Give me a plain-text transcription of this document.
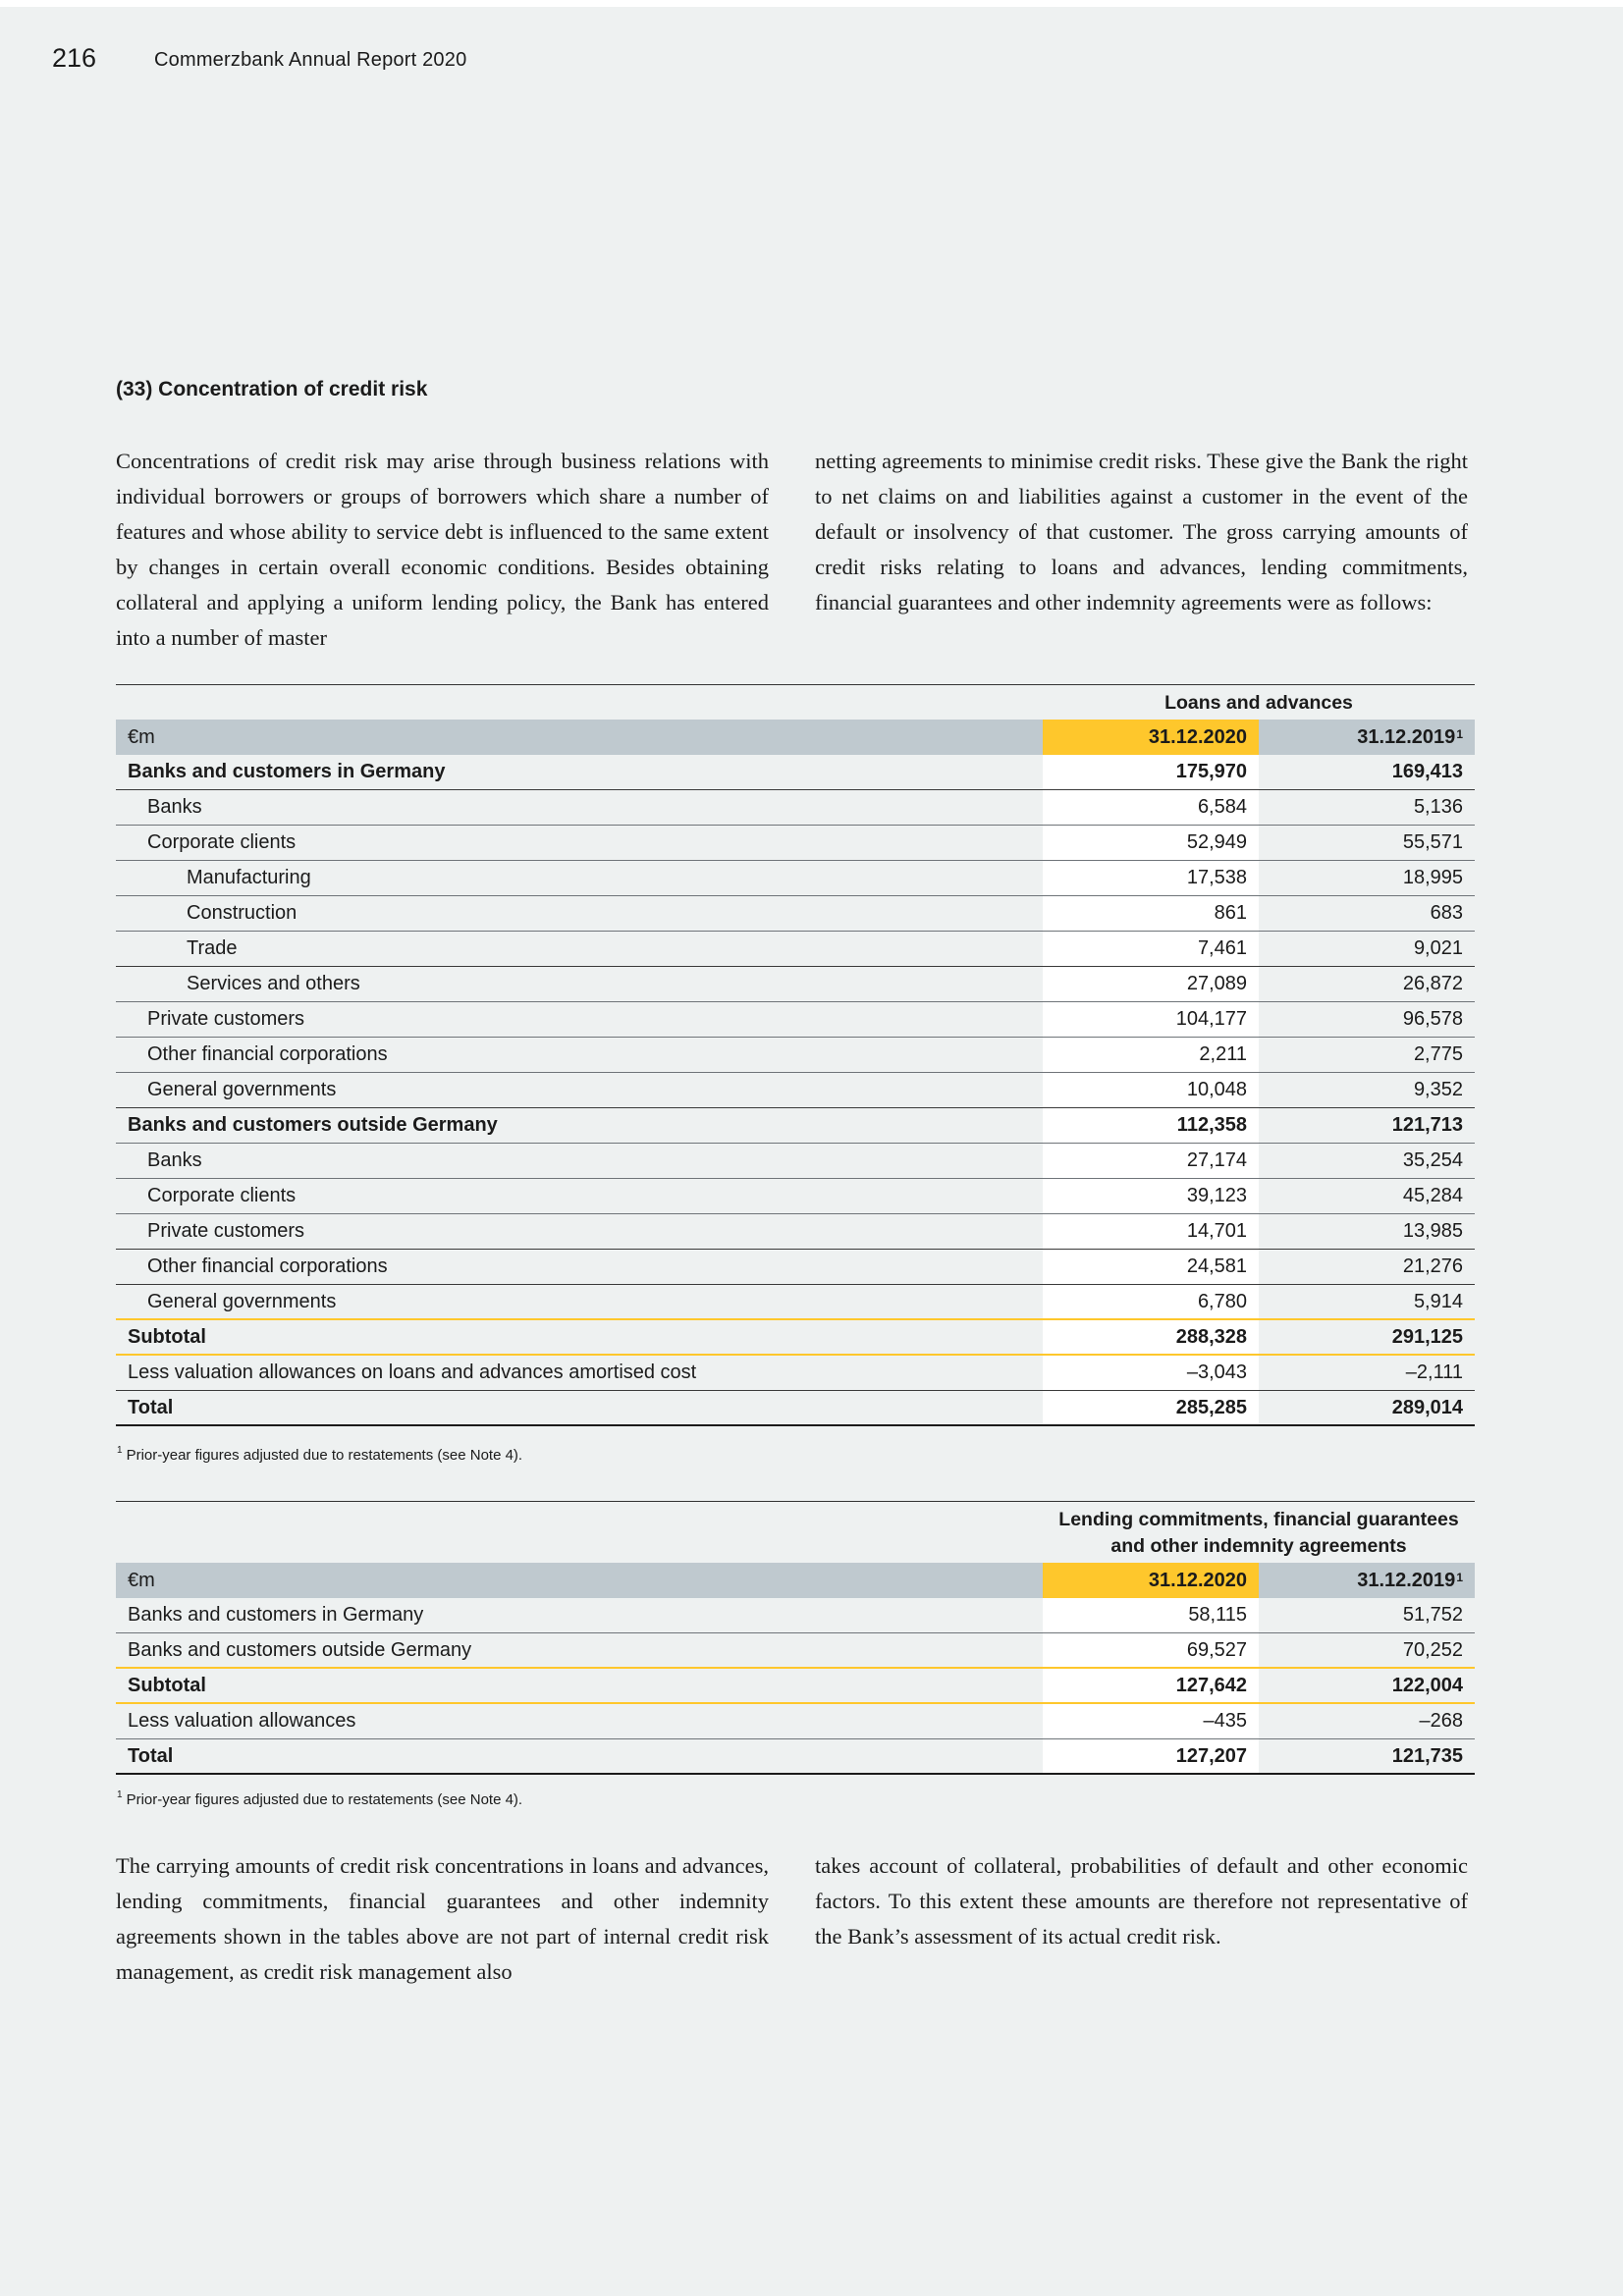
216	Commerzbank Annual Report 2020
(33) Concentration of credit risk
Concentrations of credit risk may arise through business relations with individual borrowers or groups of borrowers which share a number of features and whose ability to service debt is influenced to the same extent by changes in certain overall economic conditions. Besides obtaining collateral and applying a uniform lending policy, the Bank has entered into a number of master
netting agreements to minimise credit risks. These give the Bank the right to net claims on and liabilities against a customer in the event of the default or insolvency of that customer. The gross carrying amounts of credit risks relating to loans and advances, lending commitments, financial guarantees and other indemnity agreements were as follows:
Loans and advances
€m	31.12.2020	31.12.2019$^1$
Banks and customers in Germany	175,970	169,413
Banks	6,584	5,136
Corporate clients	52,949	55,571
Manufacturing	17,538	18,995
Construction	861	683
Trade	7,461	9,021
Services and others	27,089	26,872
Private customers	104,177	96,578
Other financial corporations	2,211	2,775
General governments	10,048	9,352
Banks and customers outside Germany	112,358	121,713
Banks	27,174	35,254
Corporate clients	39,123	45,284
Private customers	14,701	13,985
Other financial corporations	24,581	21,276
General governments	6,780	5,914
Subtotal	288,328	291,125
Less valuation allowances on loans and advances amortised cost	–3,043	–2,111
Total	285,285	289,014
$^1$ Prior-year figures adjusted due to restatements (see Note 4).
Lending commitments, financial guarantees
and other indemnity agreements
€m	31.12.2020	31.12.2019$^1$
Banks and customers in Germany	58,115	51,752
Banks and customers outside Germany	69,527	70,252
Subtotal	127,642	122,004
Less valuation allowances	–435	–268
Total	127,207	121,735
$^1$ Prior-year figures adjusted due to restatements (see Note 4).
The carrying amounts of credit risk concentrations in loans and advances, lending commitments, financial guarantees and other indemnity agreements shown in the tables above are not part of internal credit risk management, as credit risk management also
takes account of collateral, probabilities of default and other economic factors. To this extent these amounts are therefore not representative of the Bank’s assessment of its actual credit risk.
